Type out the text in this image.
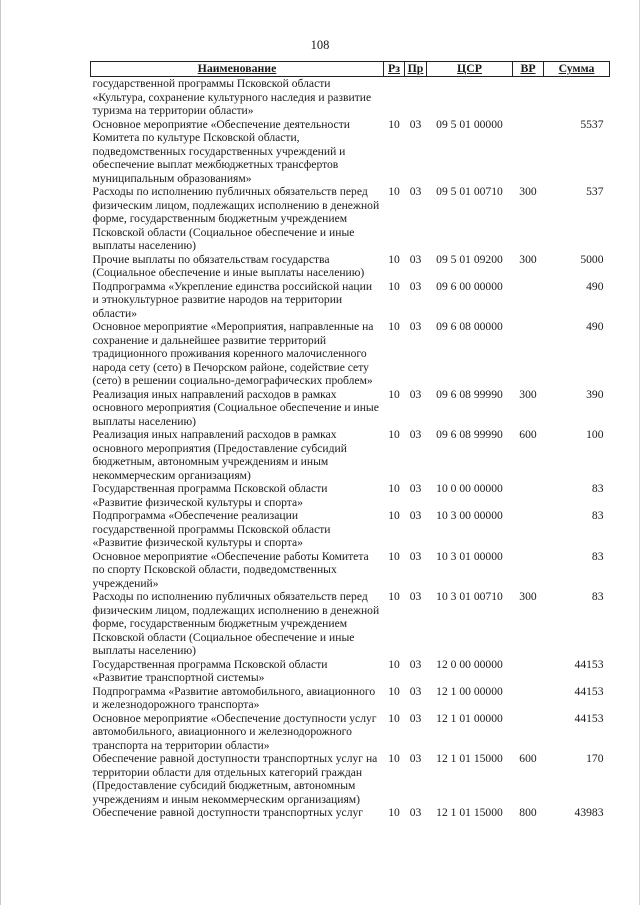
108
Наименование	Рз	Пр	ЦСР	ВР	Сумма
государственной программы Псковской области «Культура, сохранение культурного наследия и развитие туризма на территории области»					
Основное мероприятие «Обеспечение деятельности Комитета по культуре Псковской области, подведомственных государственных учреждений и обеспечение выплат межбюджетных трансфертов муниципальным образованиям»	10	03	09 5 01 00000		5537
Расходы по исполнению публичных обязательств перед физическим лицом, подлежащих исполнению в денежной форме, государственным бюджетным учреждением Псковской области (Социальное обеспечение и иные выплаты населению)	10	03	09 5 01 00710	300	537
Прочие выплаты по обязательствам государства (Социальное обеспечение и иные выплаты населению)	10	03	09 5 01 09200	300	5000
Подпрограмма «Укрепление единства российской нации и этнокультурное развитие народов на территории области»	10	03	09 6 00 00000		490
Основное мероприятие «Мероприятия, направленные на сохранение и дальнейшее развитие территорий традиционного проживания коренного малочисленного народа сету (сето) в Печорском районе, содействие сету (сето) в решении социально-демографических проблем»	10	03	09 6 08 00000		490
Реализация иных направлений расходов в рамках основного мероприятия (Социальное обеспечение и иные выплаты населению)	10	03	09 6 08 99990	300	390
Реализация иных направлений расходов в рамках основного мероприятия (Предоставление субсидий бюджетным, автономным учреждениям и иным некоммерческим организациям)	10	03	09 6 08 99990	600	100
Государственная программа Псковской области «Развитие физической культуры и спорта»	10	03	10 0 00 00000		83
Подпрограмма «Обеспечение реализации государственной программы Псковской области «Развитие физической культуры и спорта»	10	03	10 3 00 00000		83
Основное мероприятие «Обеспечение работы Комитета по спорту Псковской области, подведомственных учреждений»	10	03	10 3 01 00000		83
Расходы по исполнению публичных обязательств перед физическим лицом, подлежащих исполнению в денежной форме, государственным бюджетным учреждением Псковской области (Социальное обеспечение и иные выплаты населению)	10	03	10 3 01 00710	300	83
Государственная программа Псковской области «Развитие транспортной системы»	10	03	12 0 00 00000		44153
Подпрограмма «Развитие автомобильного, авиационного и железнодорожного транспорта»	10	03	12 1 00 00000		44153
Основное мероприятие «Обеспечение доступности услуг автомобильного, авиационного и железнодорожного транспорта на территории области»	10	03	12 1 01 00000		44153
Обеспечение равной доступности транспортных услуг на территории области для отдельных категорий граждан (Предоставление субсидий бюджетным, автономным учреждениям и иным некоммерческим организациям)	10	03	12 1 01 15000	600	170
Обеспечение равной доступности транспортных услуг	10	03	12 1 01 15000	800	43983
